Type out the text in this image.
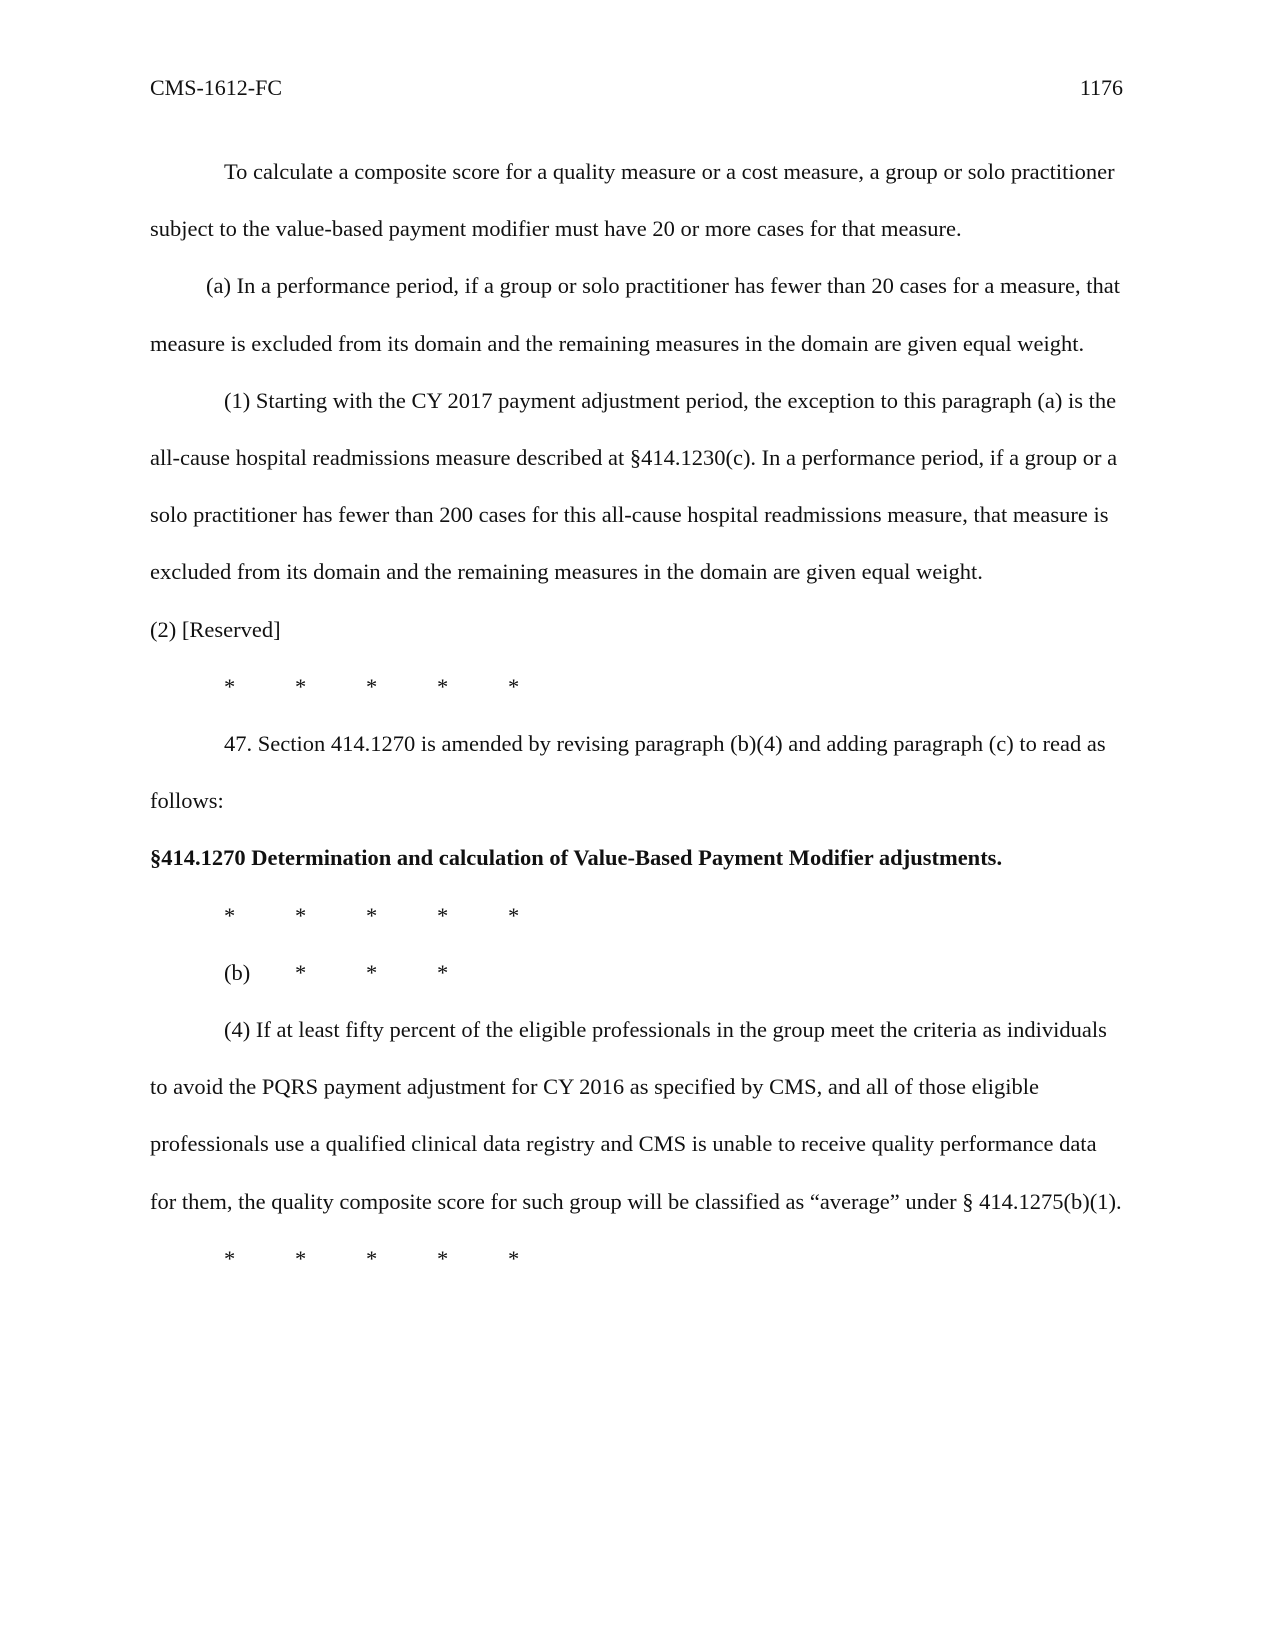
CMS-1612-FC	1176

To calculate a composite score for a quality measure or a cost measure, a group or solo practitioner subject to the value-based payment modifier must have 20 or more cases for that measure.

(a) In a performance period, if a group or solo practitioner has fewer than 20 cases for a measure, that measure is excluded from its domain and the remaining measures in the domain are given equal weight.

(1) Starting with the CY 2017 payment adjustment period, the exception to this paragraph (a) is the all-cause hospital readmissions measure described at §414.1230(c). In a performance period, if a group or a solo practitioner has fewer than 200 cases for this all-cause hospital readmissions measure, that measure is excluded from its domain and the remaining measures in the domain are given equal weight.

(2) [Reserved]

*	*	*	*	*

47. Section 414.1270 is amended by revising paragraph (b)(4) and adding paragraph (c) to read as follows:

§414.1270 Determination and calculation of Value-Based Payment Modifier adjustments.

*	*	*	*	*
(b) *	*	*

(4) If at least fifty percent of the eligible professionals in the group meet the criteria as individuals to avoid the PQRS payment adjustment for CY 2016 as specified by CMS, and all of those eligible professionals use a qualified clinical data registry and CMS is unable to receive quality performance data for them, the quality composite score for such group will be classified as “average” under § 414.1275(b)(1).

*	*	*	*	*
